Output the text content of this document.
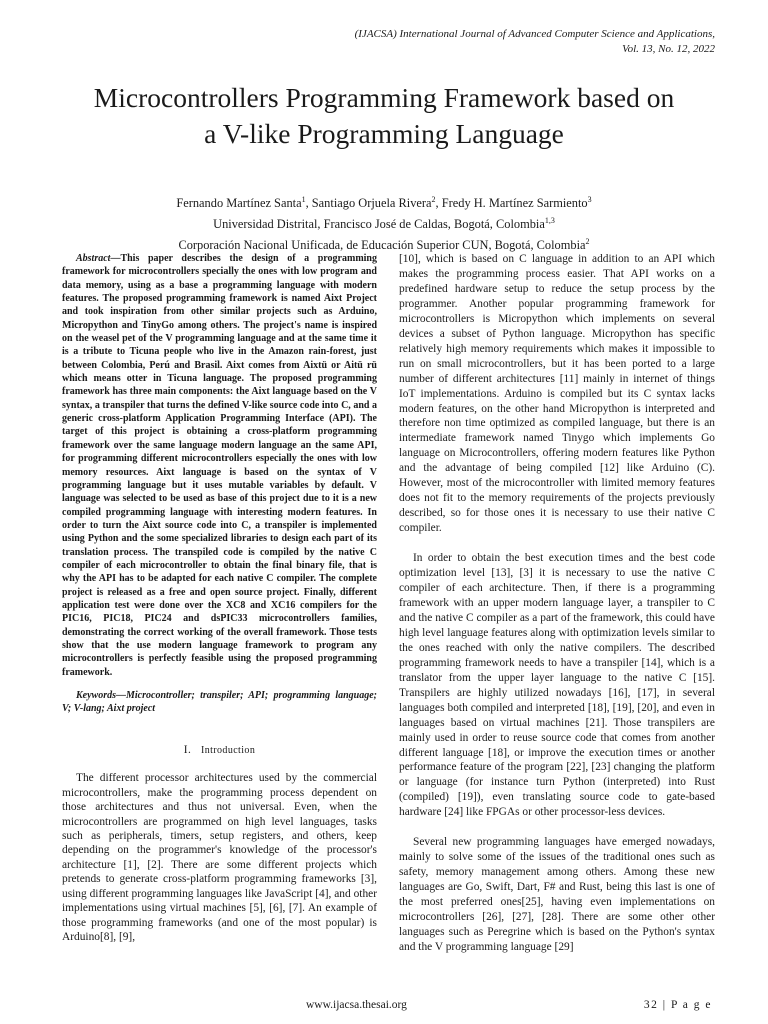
(IJACSA) International Journal of Advanced Computer Science and Applications,
Vol. 13, No. 12, 2022
Microcontrollers Programming Framework based on
a V-like Programming Language
Fernando Martínez Santa$^1$, Santiago Orjuela Rivera$^2$, Fredy H. Martínez Sarmiento$^3$
Universidad Distrital, Francisco José de Caldas, Bogotá, Colombia$^{1,3}$
Corporación Nacional Unificada, de Educación Superior CUN, Bogotá, Colombia$^2$

Abstract—This paper describes the design of a programming framework for microcontrollers specially the ones with low program and data memory, using as a base a programming language with modern features. The proposed programming framework is named Aixt Project and took inspiration from other similar projects such as Arduino, Micropython and TinyGo among others. The project's name is inspired on the weasel pet of the V programming language and at the same time it is a tribute to Ticuna people who live in the Amazon rain-forest, just between Colombia, Perú and Brasil. Aixt comes from Aixtü or Aitü rü which means otter in Ticuna language. The proposed programming framework has three main components: the Aixt language based on the V syntax, a transpiler that turns the defined V-like source code into C, and a generic cross-platform Application Programming Interface (API). The target of this project is obtaining a cross-platform programming framework over the same language modern language an the same API, for programming different microcontrollers especially the ones with low memory resources. Aixt language is based on the syntax of V programming language but it uses mutable variables by default. V language was selected to be used as base of this project due to it is a new compiled programming language with interesting modern features. In order to turn the Aixt source code into C, a transpiler is implemented using Python and the some specialized libraries to design each part of its translation process. The transpiled code is compiled by the native C compiler of each microcontroller to obtain the final binary file, that is why the API has to be adapted for each native C compiler. The complete project is released as a free and open source project. Finally, different application test were done over the XC8 and XC16 compilers for the PIC16, PIC18, PIC24 and dsPIC33 microcontrollers families, demonstrating the correct working of the overall framework. Those tests show that the use modern language framework to program any microcontrollers is perfectly feasible using the proposed programming framework.

Keywords—Microcontroller; transpiler; API; programming language; V; V-lang; Aixt project

I. Introduction

The different processor architectures used by the commercial microcontrollers, make the programming process dependent on those architectures and thus not universal. Even, when the microcontrollers are programmed on high level languages, tasks such as peripherals, timers, setup registers, and others, keep depending on the programmer's knowledge of the processor's architecture [1], [2]. There are some different projects which pretends to generate cross-platform programming frameworks [3], using different programming languages like JavaScript [4], and other implementations using virtual machines [5], [6], [7]. An example of those programming frameworks (and one of the most popular) is Arduino[8], [9],

[10], which is based on C language in addition to an API which makes the programming process easier. That API works on a predefined hardware setup to reduce the setup process by the programmer. Another popular programming framework for microcontrollers is Micropython which implements on several devices a subset of Python language. Micropython has specific relatively high memory requirements which makes it impossible to run on small microcontrollers, but it has been ported to a large number of different architectures [11] mainly in internet of things IoT implementations. Arduino is compiled but its C syntax lacks modern features, on the other hand Micropython is interpreted and therefore non time optimized as compiled language, but there is an intermediate framework named Tinygo which implements Go language on Microcontrollers, offering modern features like Python and the advantage of being compiled [12] like Arduino (C). However, most of the microcontroller with limited memory features does not fit to the memory requirements of the projects previously described, so for those ones it is necessary to use their native C compiler.

In order to obtain the best execution times and the best code optimization level [13], [3] it is necessary to use the native C compiler of each architecture. Then, if there is a programming framework with an upper modern language layer, a transpiler to C and the native C compiler as a part of the framework, this could have high level language features along with optimization levels similar to the ones reached with only the native compilers. The described programming framework needs to have a transpiler [14], which is a translator from the upper layer language to the native C [15]. Transpilers are highly utilized nowadays [16], [17], in several languages both compiled and interpreted [18], [19], [20], and even in languages based on virtual machines [21]. Those transpilers are mainly used in order to reuse source code that comes from another different language [18], or improve the execution times or another performance feature of the program [22], [23] changing the platform or language (for instance turn Python (interpreted) into Rust (compiled) [19]), even translating source code to gate-based hardware [24] like FPGAs or other processor-less devices.

Several new programming languages have emerged nowadays, mainly to solve some of the issues of the traditional ones such as safety, memory management among others. Among these new languages are Go, Swift, Dart, F# and Rust, being this last is one of the most preferred ones[25], having even implementations on microcontrollers [26], [27], [28]. There are some other other languages such as Peregrine which is based on the Python's syntax and the V programming language [29]

www.ijacsa.thesai.org	32 | P a g e
